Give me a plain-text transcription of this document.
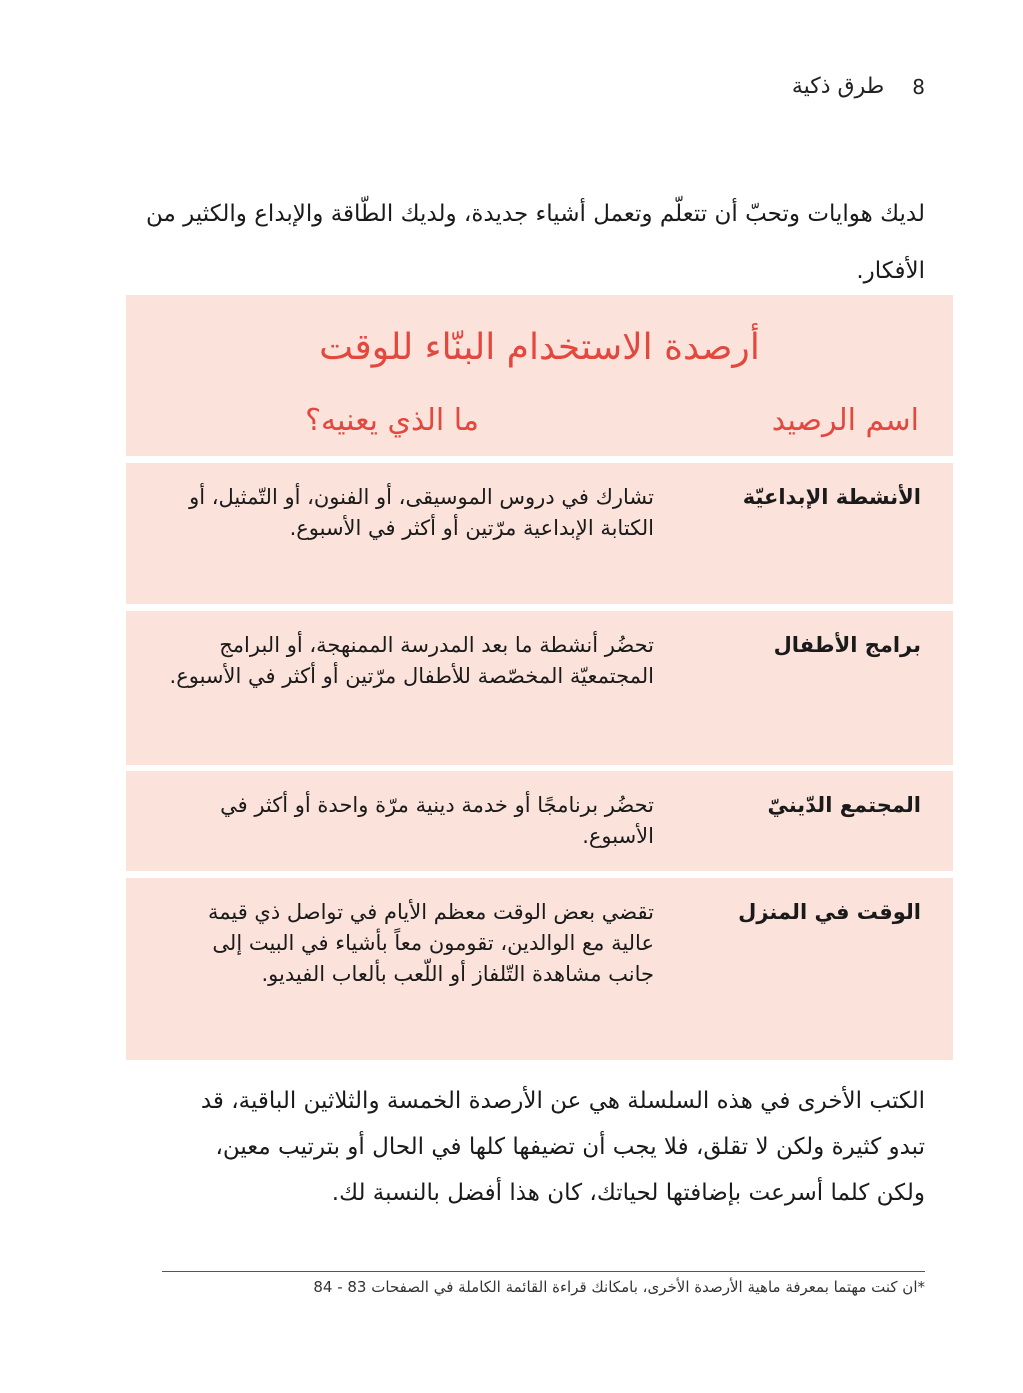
8
طرق ذكية

لديك هوايات وتحبّ أن تتعلّم وتعمل أشياء جديدة، ولديك الطّاقة والإبداع والكثير من الأفكار.

أرصدة الاستخدام البنّاء للوقت
اسم الرصيد
ما الذي يعنيه؟
الأنشطة الإبداعيّة
تشارك في دروس الموسيقى، أو الفنون، أو التّمثيل، أو الكتابة الإبداعية مرّتين أو أكثر في الأسبوع.
برامج الأطفال
تحضُر أنشطة ما بعد المدرسة الممنهجة، أو البرامج المجتمعيّة المخصّصة للأطفال مرّتين أو أكثر في الأسبوع.
المجتمع الدّينيّ
تحضُر برنامجًا أو خدمة دينية مرّة واحدة أو أكثر في الأسبوع.
الوقت في المنزل
تقضي بعض الوقت معظم الأيام في تواصل ذي قيمة عالية مع الوالدين، تقومون معاً بأشياء في البيت إلى جانب مشاهدة التّلفاز أو اللّعب بألعاب الفيديو.

الكتب الأخرى في هذه السلسلة هي عن الأرصدة الخمسة والثلاثين الباقية، قد تبدو كثيرة ولكن لا تقلق، فلا يجب أن تضيفها كلها في الحال أو بترتيب معين، ولكن كلما أسرعت بإضافتها لحياتك، كان هذا أفضل بالنسبة لك.

*ان كنت مهتما بمعرفة ماهية الأرصدة الأخرى، بامكانك قراءة القائمة الكاملة في الصفحات 83 - 84
